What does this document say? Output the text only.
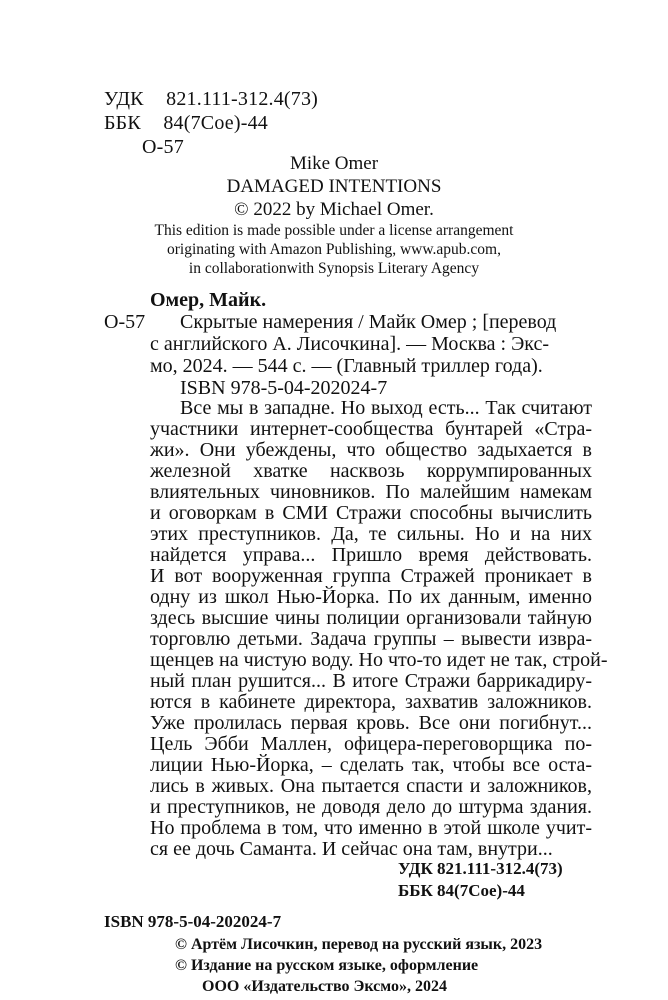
УДК 821.111-312.4(73)
ББК 84(7Сое)-44
О-57
Mike Omer
DAMAGED INTENTIONS
© 2022 by Michael Omer.
This edition is made possible under a license arrangement
originating with Amazon Publishing, www.apub.com,
in collaborationwith Synopsis Literary Agency
Омер, Майк.
О-57 Скрытые намерения / Майк Омер ; [перевод
с английского А. Лисочкина]. — Москва : Экс-
мо, 2024. — 544 с. — (Главный триллер года).
ISBN 978-5-04-202024-7
Все мы в западне. Но выход есть... Так считают
участники интернет-сообщества бунтарей «Стра-
жи». Они убеждены, что общество задыхается в
железной хватке насквозь коррумпированных
влиятельных чиновников. По малейшим намекам
и оговоркам в СМИ Стражи способны вычислить
этих преступников. Да, те сильны. Но и на них
найдется управа... Пришло время действовать.
И вот вооруженная группа Стражей проникает в
одну из школ Нью-Йорка. По их данным, именно
здесь высшие чины полиции организовали тайную
торговлю детьми. Задача группы – вывести извра-
щенцев на чистую воду. Но что-то идет не так, строй-
ный план рушится... В итоге Стражи баррикадиру-
ются в кабинете директора, захватив заложников.
Уже пролилась первая кровь. Все они погибнут...
Цель Эбби Маллен, офицера-переговорщика по-
лиции Нью-Йорка, – сделать так, чтобы все оста-
лись в живых. Она пытается спасти и заложников,
и преступников, не доводя дело до штурма здания.
Но проблема в том, что именно в этой школе учит-
ся ее дочь Саманта. И сейчас она там, внутри...
УДК 821.111-312.4(73)
ББК 84(7Сое)-44
ISBN 978-5-04-202024-7
© Артём Лисочкин, перевод на русский язык, 2023
© Издание на русском языке, оформление
ООО «Издательство Эксмо», 2024
